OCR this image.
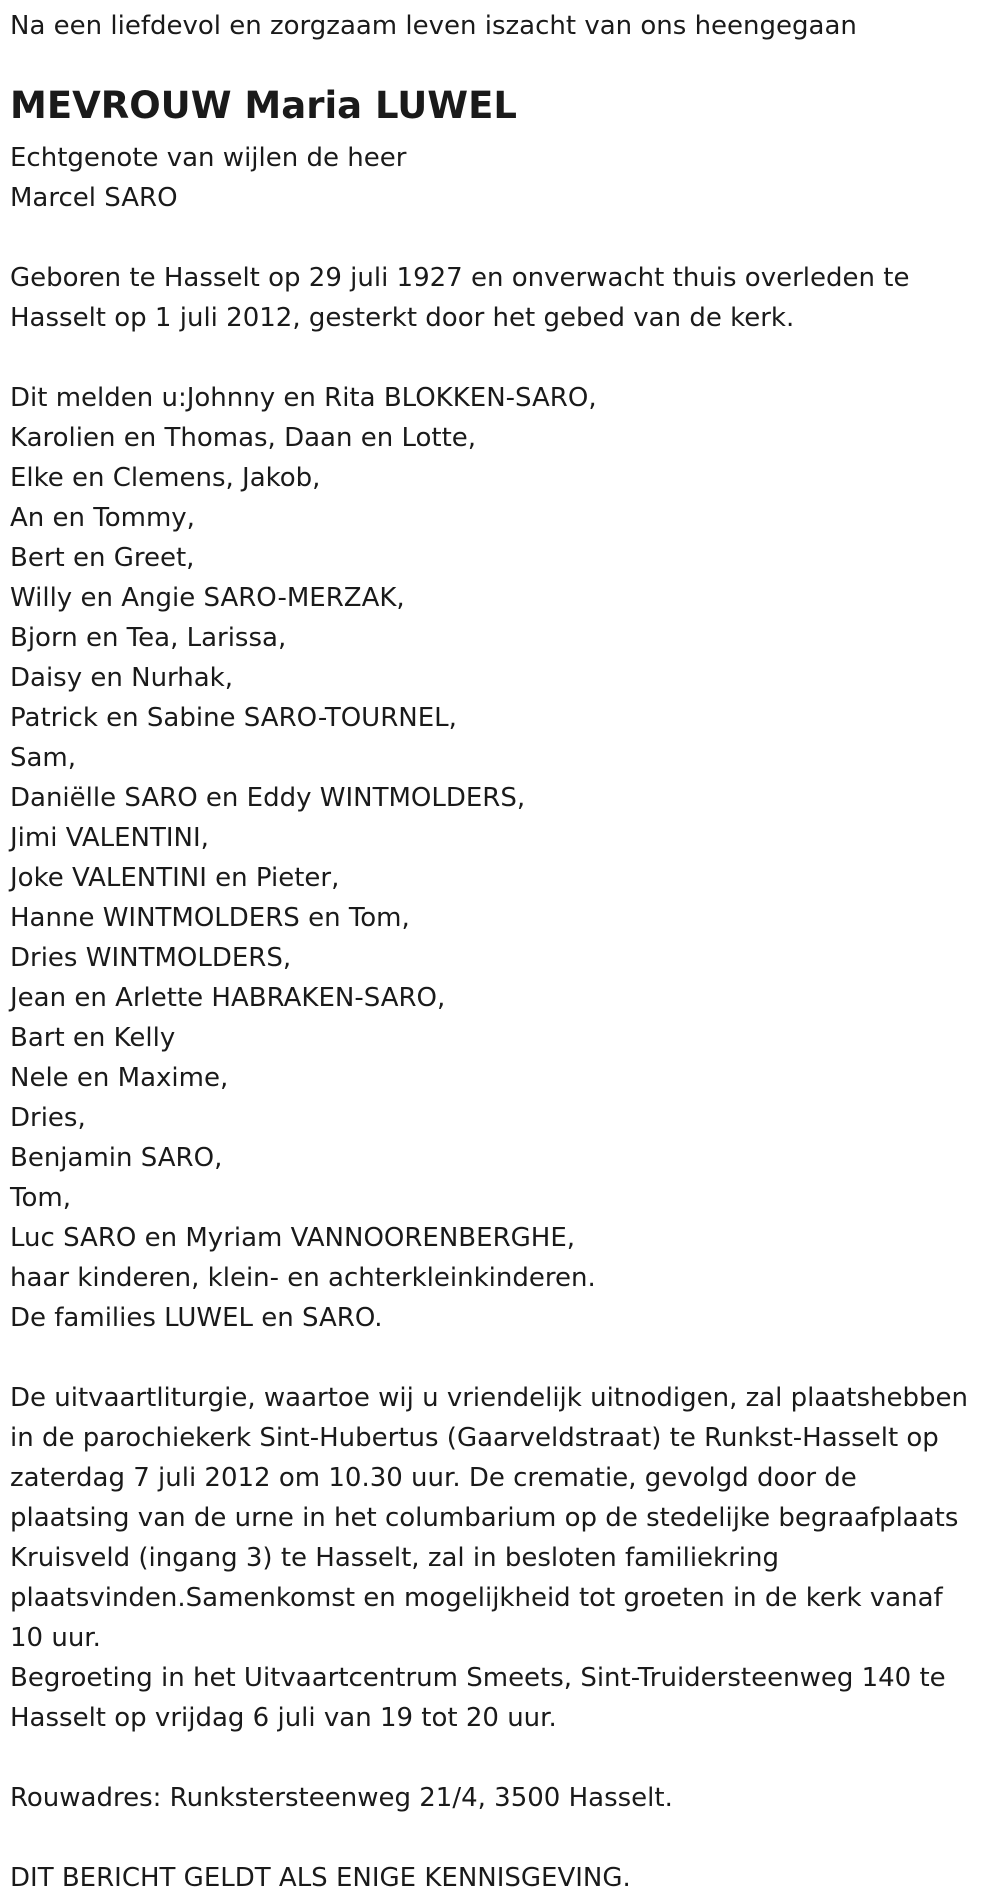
Na een liefdevol en zorgzaam leven iszacht van ons heengegaan
MEVROUW Maria LUWEL
Echtgenote van wijlen de heer
Marcel SARO
Geboren te Hasselt op 29 juli 1927 en onverwacht thuis overleden te
Hasselt op 1 juli 2012, gesterkt door het gebed van de kerk.
Dit melden u:Johnny en Rita BLOKKEN-SARO,
Karolien en Thomas, Daan en Lotte,
Elke en Clemens, Jakob,
An en Tommy,
Bert en Greet,
Willy en Angie SARO-MERZAK,
Bjorn en Tea, Larissa,
Daisy en Nurhak,
Patrick en Sabine SARO-TOURNEL,
Sam,
Daniëlle SARO en Eddy WINTMOLDERS,
Jimi VALENTINI,
Joke VALENTINI en Pieter,
Hanne WINTMOLDERS en Tom,
Dries WINTMOLDERS,
Jean en Arlette HABRAKEN-SARO,
Bart en Kelly
Nele en Maxime,
Dries,
Benjamin SARO,
Tom,
Luc SARO en Myriam VANNOORENBERGHE,
haar kinderen, klein- en achterkleinkinderen.
De families LUWEL en SARO.
De uitvaartliturgie, waartoe wij u vriendelijk uitnodigen, zal plaatshebben
in de parochiekerk Sint-Hubertus (Gaarveldstraat) te Runkst-Hasselt op
zaterdag 7 juli 2012 om 10.30 uur. De crematie, gevolgd door de
plaatsing van de urne in het columbarium op de stedelijke begraafplaats
Kruisveld (ingang 3) te Hasselt, zal in besloten familiekring
plaatsvinden.Samenkomst en mogelijkheid tot groeten in de kerk vanaf
10 uur.
Begroeting in het Uitvaartcentrum Smeets, Sint-Truidersteenweg 140 te
Hasselt op vrijdag 6 juli van 19 tot 20 uur.
Rouwadres: Runkstersteenweg 21/4, 3500 Hasselt.
DIT BERICHT GELDT ALS ENIGE KENNISGEVING.
